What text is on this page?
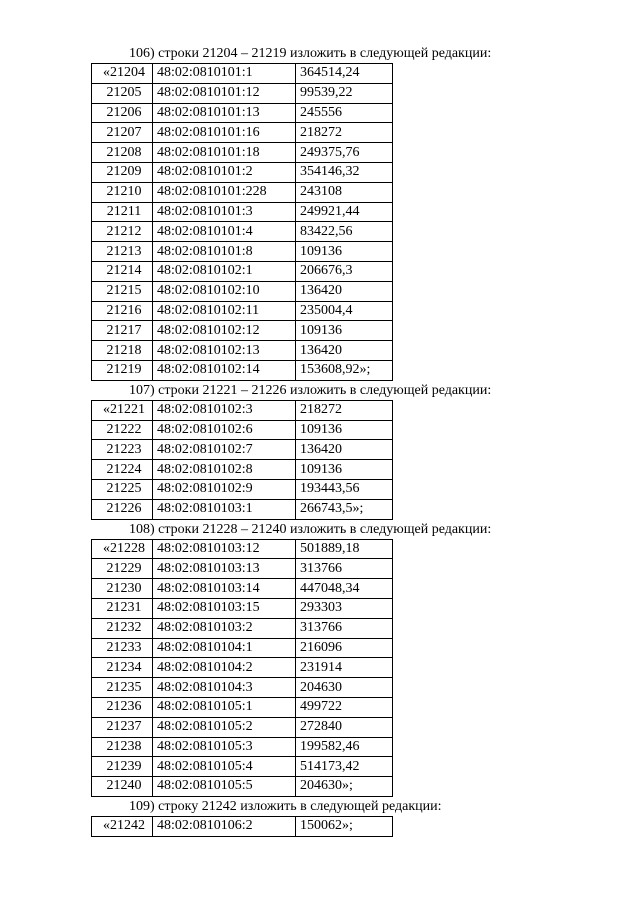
106) строки 21204 – 21219 изложить в следующей редакции:
«21204	48:02:0810101:1	364514,24
21205	48:02:0810101:12	99539,22
21206	48:02:0810101:13	245556
21207	48:02:0810101:16	218272
21208	48:02:0810101:18	249375,76
21209	48:02:0810101:2	354146,32
21210	48:02:0810101:228	243108
21211	48:02:0810101:3	249921,44
21212	48:02:0810101:4	83422,56
21213	48:02:0810101:8	109136
21214	48:02:0810102:1	206676,3
21215	48:02:0810102:10	136420
21216	48:02:0810102:11	235004,4
21217	48:02:0810102:12	109136
21218	48:02:0810102:13	136420
21219	48:02:0810102:14	153608,92»;
107) строки 21221 – 21226 изложить в следующей редакции:
«21221	48:02:0810102:3	218272
21222	48:02:0810102:6	109136
21223	48:02:0810102:7	136420
21224	48:02:0810102:8	109136
21225	48:02:0810102:9	193443,56
21226	48:02:0810103:1	266743,5»;
108) строки 21228 – 21240 изложить в следующей редакции:
«21228	48:02:0810103:12	501889,18
21229	48:02:0810103:13	313766
21230	48:02:0810103:14	447048,34
21231	48:02:0810103:15	293303
21232	48:02:0810103:2	313766
21233	48:02:0810104:1	216096
21234	48:02:0810104:2	231914
21235	48:02:0810104:3	204630
21236	48:02:0810105:1	499722
21237	48:02:0810105:2	272840
21238	48:02:0810105:3	199582,46
21239	48:02:0810105:4	514173,42
21240	48:02:0810105:5	204630»;
109) строку 21242 изложить в следующей редакции:
«21242	48:02:0810106:2	150062»;
